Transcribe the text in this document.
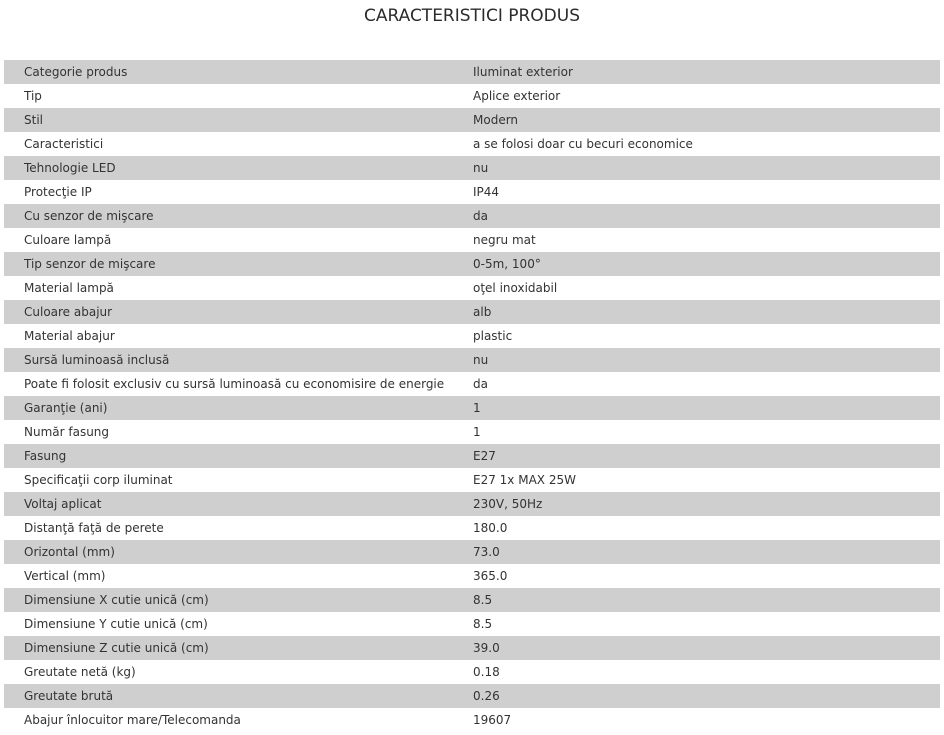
CARACTERISTICI PRODUS
Categorie produs	Iluminat exterior
Tip	Aplice exterior
Stil	Modern
Caracteristici	a se folosi doar cu becuri economice
Tehnologie LED	nu
Protecţie IP	IP44
Cu senzor de mişcare	da
Culoare lampă	negru mat
Tip senzor de mişcare	0-5m, 100°
Material lampă	oţel inoxidabil
Culoare abajur	alb
Material abajur	plastic
Sursă luminoasă inclusă	nu
Poate fi folosit exclusiv cu sursă luminoasă cu economisire de energie	da
Garanţie (ani)	1
Număr fasung	1
Fasung	E27
Specificaţii corp iluminat	E27 1x MAX 25W
Voltaj aplicat	230V, 50Hz
Distanţă faţă de perete	180.0
Orizontal (mm)	73.0
Vertical (mm)	365.0
Dimensiune X cutie unică (cm)	8.5
Dimensiune Y cutie unică (cm)	8.5
Dimensiune Z cutie unică (cm)	39.0
Greutate netă (kg)	0.18
Greutate brută	0.26
Abajur înlocuitor mare/Telecomanda	19607
